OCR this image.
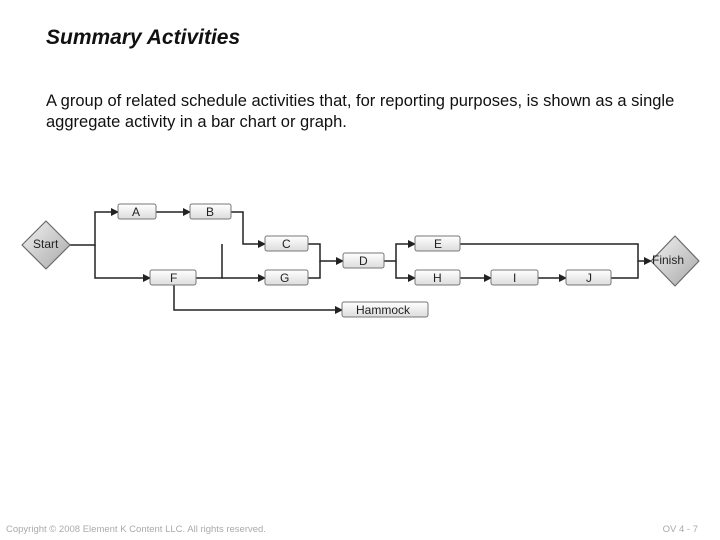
Summary Activities

A group of related schedule activities that, for reporting purposes, is shown as a single aggregate activity in a bar chart or graph.

Start
Finish
A	B
C
D
E
F	G	H	I	J
Hammock
Copyright © 2008 Element K Content LLC. All rights reserved.	OV 4 - 7
